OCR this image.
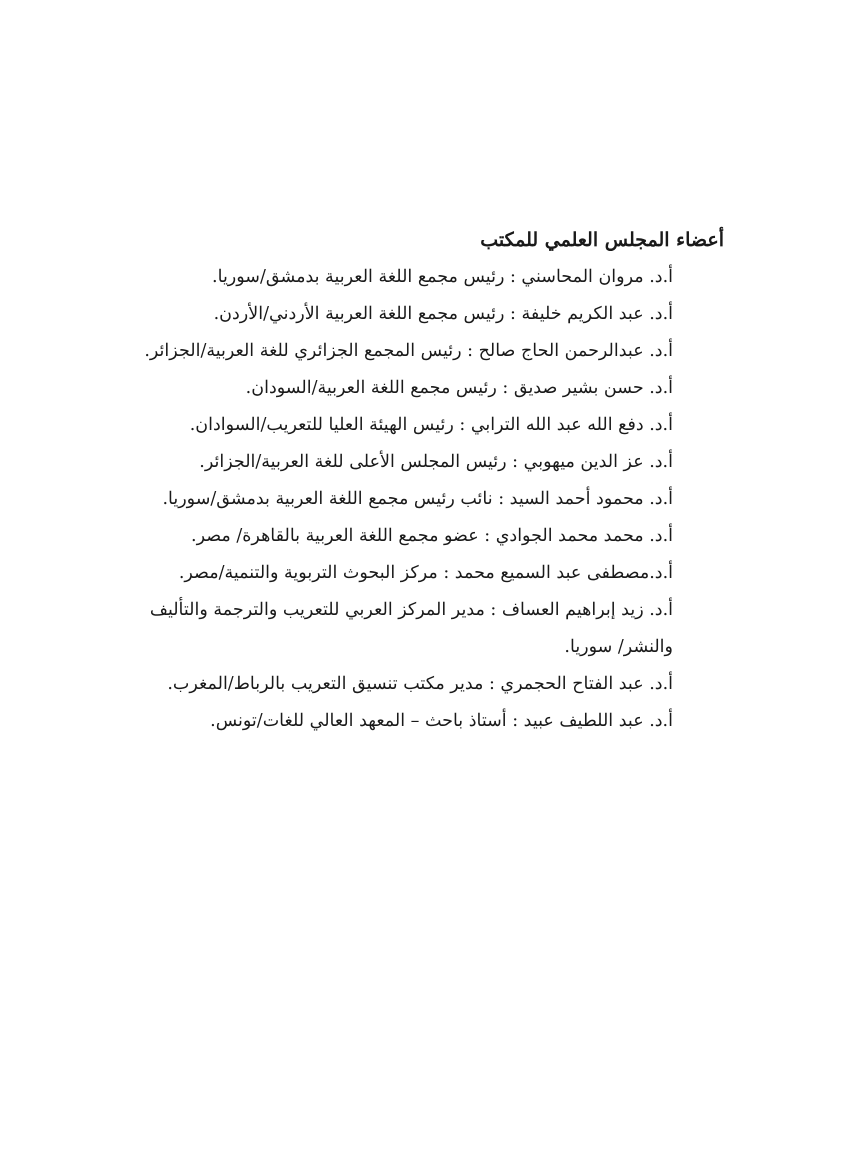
أعضاء المجلس العلمي للمكتب
أ.د. مروان المحاسني : رئيس مجمع اللغة العربية بدمشق/سوريا.
أ.د. عبد الكريم خليفة : رئيس مجمع اللغة العربية الأردني/الأردن.
أ.د. عبدالرحمن الحاج صالح : رئيس المجمع الجزائري للغة العربية/الجزائر.
أ.د. حسن بشير صديق : رئيس مجمع اللغة العربية/السودان.
أ.د. دفع الله عبد الله الترابي : رئيس الهيئة العليا للتعريب/السوادان.
أ.د. عز الدين ميهوبي : رئيس المجلس الأعلى للغة العربية/الجزائر.
أ.د. محمود أحمد السيد : نائب رئيس مجمع اللغة العربية بدمشق/سوريا.
أ.د. محمد محمد الجوادي : عضو مجمع اللغة العربية بالقاهرة/ مصر.
أ.د.مصطفى عبد السميع محمد : مركز البحوث التربوية والتنمية/مصر.
أ.د. زيد إبراهيم العساف : مدير المركز العربي للتعريب والترجمة والتأليف والنشر/ سوريا.
أ.د. عبد الفتاح الحجمري : مدير مكتب تنسيق التعريب بالرباط/المغرب.
أ.د. عبد اللطيف عبيد : أستاذ باحث – المعهد العالي للغات/تونس.
